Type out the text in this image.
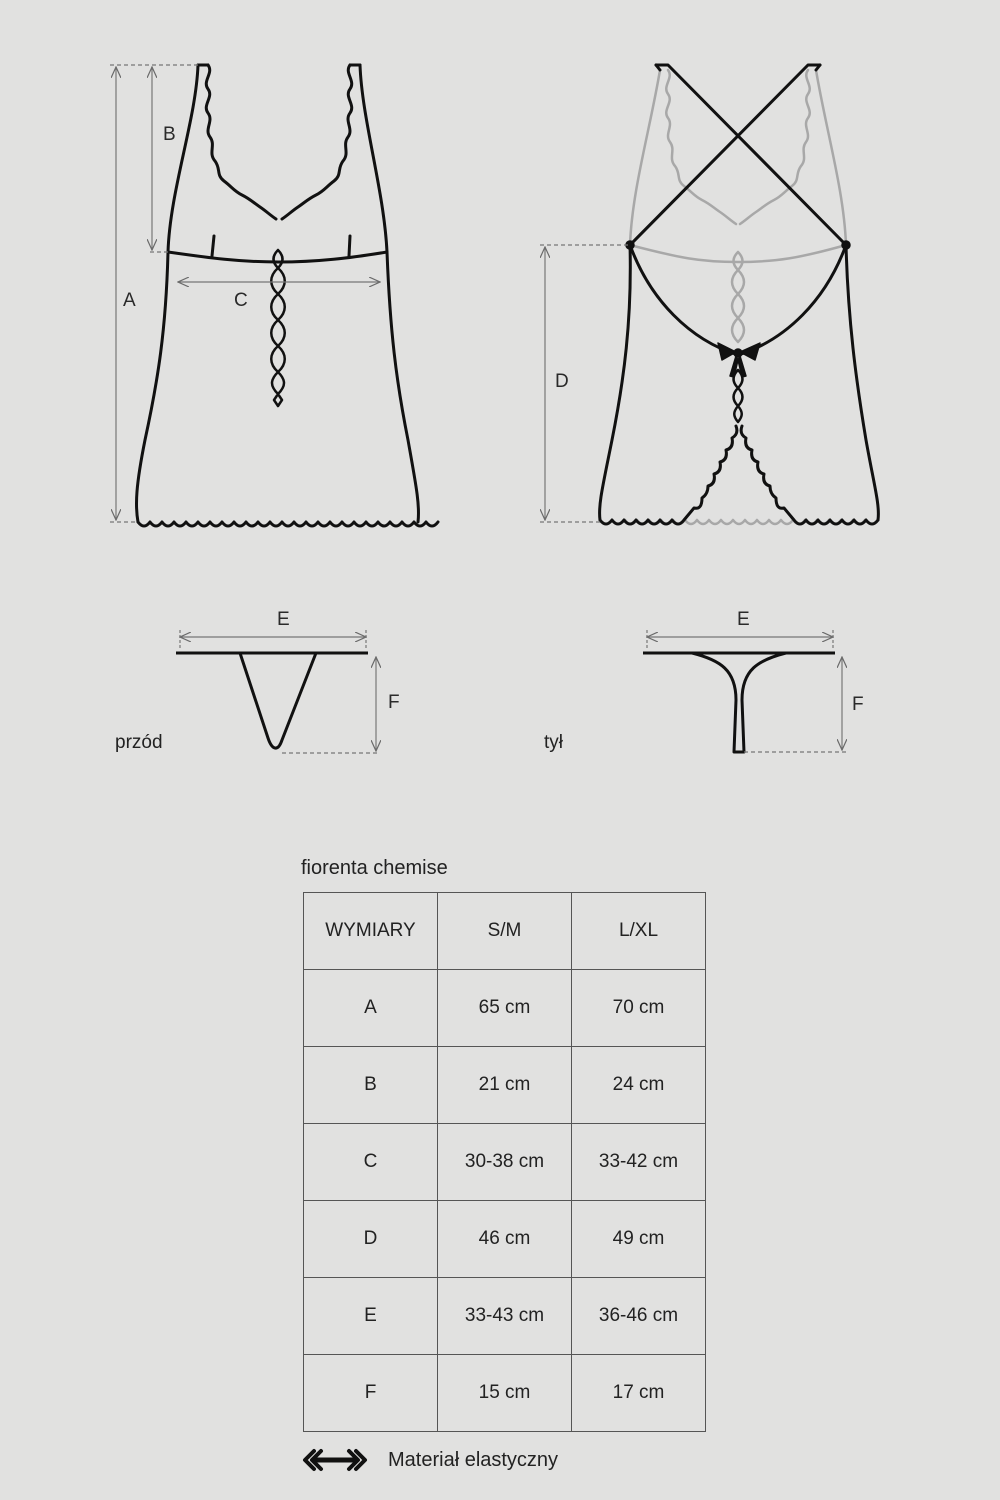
A
B
C
D
E
F
E
F
przód	tył
fiorenta chemise
WYMIARY	S/M	L/XL
A	65 cm	70 cm
B	21 cm	24 cm
C	30-38 cm	33-42 cm
D	46 cm	49 cm
E	33-43 cm	36-46 cm
F	15 cm	17 cm
Materiał elastyczny
